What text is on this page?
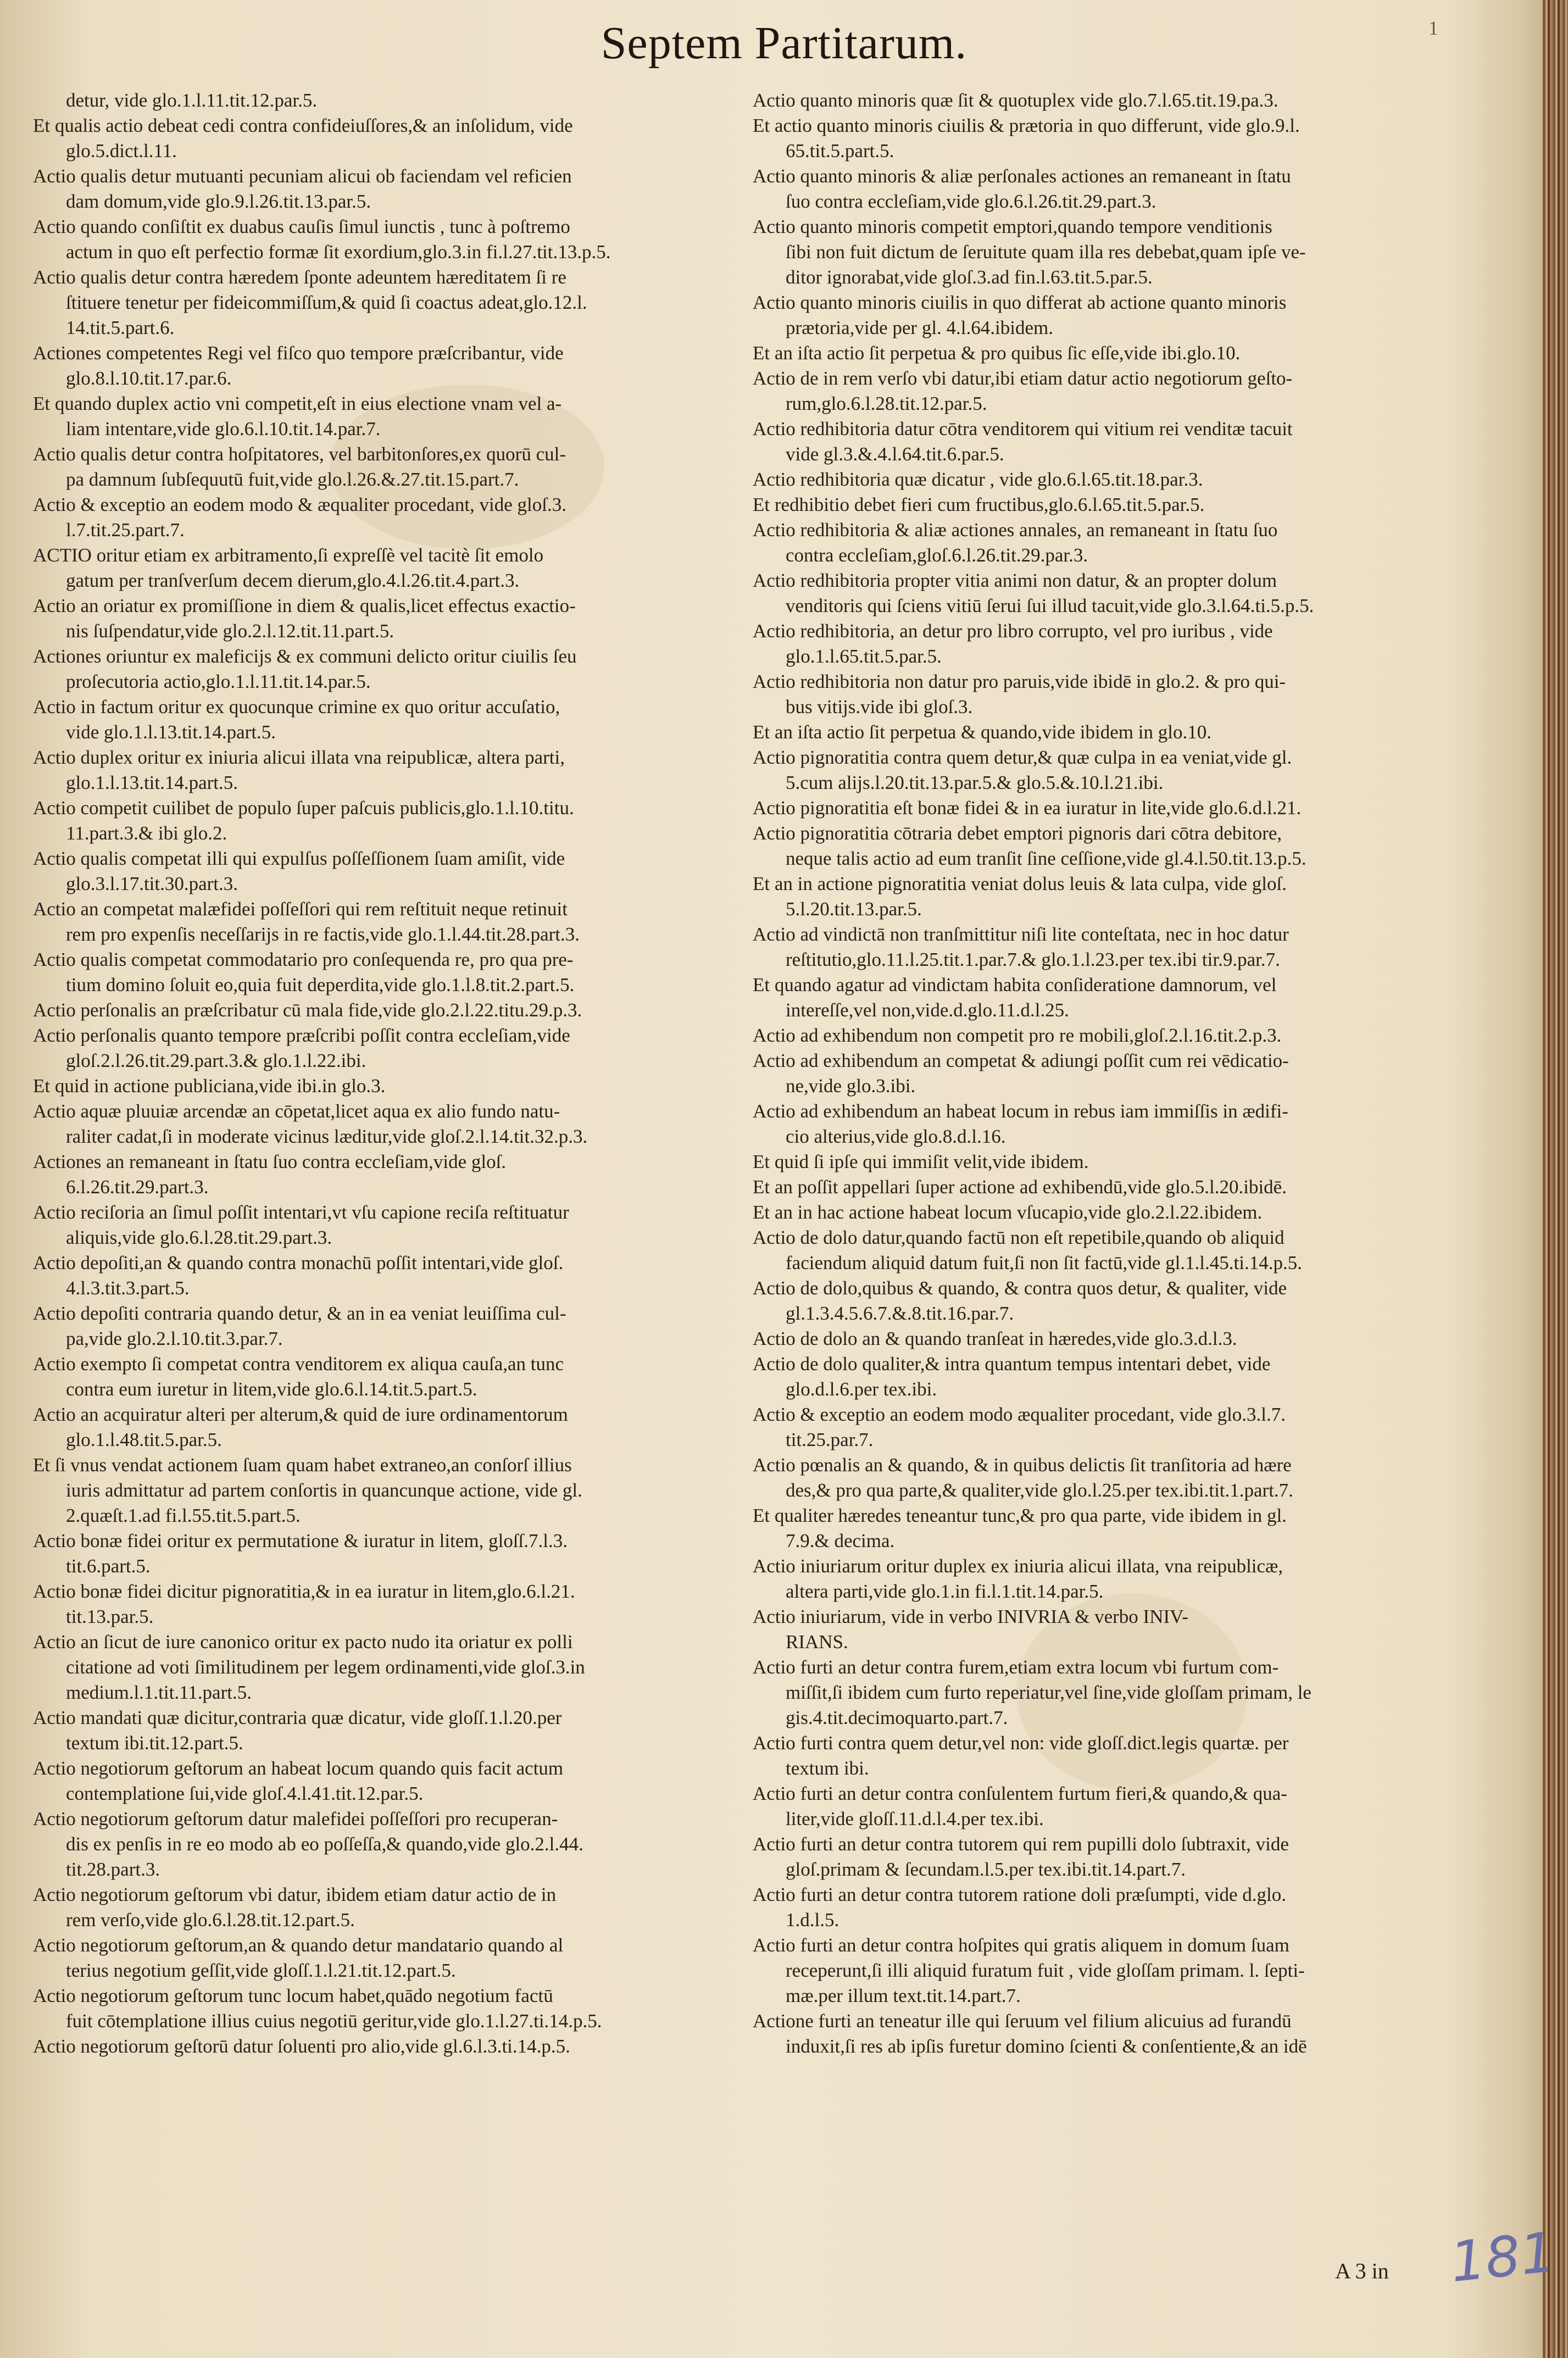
Septem Partitarum.	1
detur, vide glo.1.l.11.tit.12.par.5.
Et qualis actio debeat cedi contra confideiuſſores,& an inſolidum, vide
glo.5.dict.l.11.
Actio qualis detur mutuanti pecuniam alicui ob faciendam vel reficien
dam domum,vide glo.9.l.26.tit.13.par.5.
Actio quando conſiſtit ex duabus cauſis ſimul iunctis , tunc à poſtremo
actum in quo eſt perfectio formæ ſit exordium,glo.3.in fi.l.27.tit.13.p.5.
Actio qualis detur contra hæredem ſponte adeuntem hæreditatem ſi re
ſtituere tenetur per fideicommiſſum,& quid ſi coactus adeat,glo.12.l.
14.tit.5.part.6.
Actiones competentes Regi vel fiſco quo tempore præſcribantur, vide
glo.8.l.10.tit.17.par.6.
Et quando duplex actio vni competit,eſt in eius electione vnam vel a-
liam intentare,vide glo.6.l.10.tit.14.par.7.
Actio qualis detur contra hoſpitatores, vel barbitonſores,ex quorū cul-
pa damnum ſubſequutū fuit,vide glo.l.26.&.27.tit.15.part.7.
Actio & exceptio an eodem modo & æqualiter procedant, vide gloſ.3.
l.7.tit.25.part.7.
ACTIO oritur etiam ex arbitramento,ſi expreſſè vel tacitè ſit emolo
gatum per tranſverſum decem dierum,glo.4.l.26.tit.4.part.3.
Actio an oriatur ex promiſſione in diem & qualis,licet effectus exactio-
nis ſuſpendatur,vide glo.2.l.12.tit.11.part.5.
Actiones oriuntur ex maleficijs & ex communi delicto oritur ciuilis ſeu
proſecutoria actio,glo.1.l.11.tit.14.par.5.
Actio in factum oritur ex quocunque crimine ex quo oritur accuſatio,
vide glo.1.l.13.tit.14.part.5.
Actio duplex oritur ex iniuria alicui illata vna reipublicæ, altera parti,
glo.1.l.13.tit.14.part.5.
Actio competit cuilibet de populo ſuper paſcuis publicis,glo.1.l.10.titu.
11.part.3.& ibi glo.2.
Actio qualis competat illi qui expulſus poſſeſſionem ſuam amiſit, vide
glo.3.l.17.tit.30.part.3.
Actio an competat malæfidei poſſeſſori qui rem reſtituit neque retinuit
rem pro expenſis neceſſarijs in re factis,vide glo.1.l.44.tit.28.part.3.
Actio qualis competat commodatario pro conſequenda re, pro qua pre-
tium domino ſoluit eo,quia fuit deperdita,vide glo.1.l.8.tit.2.part.5.
Actio perſonalis an præſcribatur cū mala fide,vide glo.2.l.22.titu.29.p.3.
Actio perſonalis quanto tempore præſcribi poſſit contra eccleſiam,vide
gloſ.2.l.26.tit.29.part.3.& glo.1.l.22.ibi.
Et quid in actione publiciana,vide ibi.in glo.3.
Actio aquæ pluuiæ arcendæ an cōpetat,licet aqua ex alio fundo natu-
raliter cadat,ſi in moderate vicinus læditur,vide gloſ.2.l.14.tit.32.p.3.
Actiones an remaneant in ſtatu ſuo contra eccleſiam,vide gloſ.
6.l.26.tit.29.part.3.
Actio reciſoria an ſimul poſſit intentari,vt vſu capione reciſa reſtituatur
aliquis,vide glo.6.l.28.tit.29.part.3.
Actio depoſiti,an & quando contra monachū poſſit intentari,vide gloſ.
4.l.3.tit.3.part.5.
Actio depoſiti contraria quando detur, & an in ea veniat leuiſſima cul-
pa,vide glo.2.l.10.tit.3.par.7.
Actio exempto ſi competat contra venditorem ex aliqua cauſa,an tunc
contra eum iuretur in litem,vide glo.6.l.14.tit.5.part.5.
Actio an acquiratur alteri per alterum,& quid de iure ordinamentorum
glo.1.l.48.tit.5.par.5.
Et ſi vnus vendat actionem ſuam quam habet extraneo,an conſorſ illius
iuris admittatur ad partem conſortis in quancunque actione, vide gl.
2.quæſt.1.ad fi.l.55.tit.5.part.5.
Actio bonæ fidei oritur ex permutatione & iuratur in litem, gloſſ.7.l.3.
tit.6.part.5.
Actio bonæ fidei dicitur pignoratitia,& in ea iuratur in litem,glo.6.l.21.
tit.13.par.5.
Actio an ſicut de iure canonico oritur ex pacto nudo ita oriatur ex polli
citatione ad voti ſimilitudinem per legem ordinamenti,vide gloſ.3.in
medium.l.1.tit.11.part.5.
Actio mandati quæ dicitur,contraria quæ dicatur, vide gloſſ.1.l.20.per
textum ibi.tit.12.part.5.
Actio negotiorum geſtorum an habeat locum quando quis facit actum
contemplatione ſui,vide gloſ.4.l.41.tit.12.par.5.
Actio negotiorum geſtorum datur malefidei poſſeſſori pro recuperan-
dis ex penſis in re eo modo ab eo poſſeſſa,& quando,vide glo.2.l.44.
tit.28.part.3.
Actio negotiorum geſtorum vbi datur, ibidem etiam datur actio de in
rem verſo,vide glo.6.l.28.tit.12.part.5.
Actio negotiorum geſtorum,an & quando detur mandatario quando al
terius negotium geſſit,vide gloſſ.1.l.21.tit.12.part.5.
Actio negotiorum geſtorum tunc locum habet,quādo negotium factū
fuit cōtemplatione illius cuius negotiū geritur,vide glo.1.l.27.ti.14.p.5.
Actio negotiorum geſtorū datur ſoluenti pro alio,vide gl.6.l.3.ti.14.p.5.
Actio quanto minoris quæ ſit & quotuplex vide glo.7.l.65.tit.19.pa.3.
Et actio quanto minoris ciuilis & prætoria in quo differunt, vide glo.9.l.
65.tit.5.part.5.
Actio quanto minoris & aliæ perſonales actiones an remaneant in ſtatu
ſuo contra eccleſiam,vide glo.6.l.26.tit.29.part.3.
Actio quanto minoris competit emptori,quando tempore venditionis
ſibi non fuit dictum de ſeruitute quam illa res debebat,quam ipſe ve-
ditor ignorabat,vide gloſ.3.ad fin.l.63.tit.5.par.5.
Actio quanto minoris ciuilis in quo differat ab actione quanto minoris
prætoria,vide per gl. 4.l.64.ibidem.
Et an iſta actio ſit perpetua & pro quibus ſic eſſe,vide ibi.glo.10.
Actio de in rem verſo vbi datur,ibi etiam datur actio negotiorum geſto-
rum,glo.6.l.28.tit.12.par.5.
Actio redhibitoria datur cōtra venditorem qui vitium rei venditæ tacuit
vide gl.3.&.4.l.64.tit.6.par.5.
Actio redhibitoria quæ dicatur , vide glo.6.l.65.tit.18.par.3.
Et redhibitio debet fieri cum fructibus,glo.6.l.65.tit.5.par.5.
Actio redhibitoria & aliæ actiones annales, an remaneant in ſtatu ſuo
contra eccleſiam,gloſ.6.l.26.tit.29.par.3.
Actio redhibitoria propter vitia animi non datur, & an propter dolum
venditoris qui ſciens vitiū ſerui ſui illud tacuit,vide glo.3.l.64.ti.5.p.5.
Actio redhibitoria, an detur pro libro corrupto, vel pro iuribus , vide
glo.1.l.65.tit.5.par.5.
Actio redhibitoria non datur pro paruis,vide ibidē in glo.2. & pro qui-
bus vitijs.vide ibi gloſ.3.
Et an iſta actio ſit perpetua & quando,vide ibidem in glo.10.
Actio pignoratitia contra quem detur,& quæ culpa in ea veniat,vide gl.
5.cum alijs.l.20.tit.13.par.5.& glo.5.&.10.l.21.ibi.
Actio pignoratitia eſt bonæ fidei & in ea iuratur in lite,vide glo.6.d.l.21.
Actio pignoratitia cōtraria debet emptori pignoris dari cōtra debitore,
neque talis actio ad eum tranſit ſine ceſſione,vide gl.4.l.50.tit.13.p.5.
Et an in actione pignoratitia veniat dolus leuis & lata culpa, vide gloſ.
5.l.20.tit.13.par.5.
Actio ad vindictā non tranſmittitur niſi lite conteſtata, nec in hoc datur
reſtitutio,glo.11.l.25.tit.1.par.7.& glo.1.l.23.per tex.ibi tir.9.par.7.
Et quando agatur ad vindictam habita conſideratione damnorum, vel
intereſſe,vel non,vide.d.glo.11.d.l.25.
Actio ad exhibendum non competit pro re mobili,gloſ.2.l.16.tit.2.p.3.
Actio ad exhibendum an competat & adiungi poſſit cum rei vēdicatio-
ne,vide glo.3.ibi.
Actio ad exhibendum an habeat locum in rebus iam immiſſis in ædifi-
cio alterius,vide glo.8.d.l.16.
Et quid ſi ipſe qui immiſit velit,vide ibidem.
Et an poſſit appellari ſuper actione ad exhibendū,vide glo.5.l.20.ibidē.
Et an in hac actione habeat locum vſucapio,vide glo.2.l.22.ibidem.
Actio de dolo datur,quando factū non eſt repetibile,quando ob aliquid
faciendum aliquid datum fuit,ſi non ſit factū,vide gl.1.l.45.ti.14.p.5.
Actio de dolo,quibus & quando, & contra quos detur, & qualiter, vide
gl.1.3.4.5.6.7.&.8.tit.16.par.7.
Actio de dolo an & quando tranſeat in hæredes,vide glo.3.d.l.3.
Actio de dolo qualiter,& intra quantum tempus intentari debet, vide
glo.d.l.6.per tex.ibi.
Actio & exceptio an eodem modo æqualiter procedant, vide glo.3.l.7.
tit.25.par.7.
Actio pœnalis an & quando, & in quibus delictis ſit tranſitoria ad hære
des,& pro qua parte,& qualiter,vide glo.l.25.per tex.ibi.tit.1.part.7.
Et qualiter hæredes teneantur tunc,& pro qua parte, vide ibidem in gl.
7.9.& decima.
Actio iniuriarum oritur duplex ex iniuria alicui illata, vna reipublicæ,
altera parti,vide glo.1.in fi.l.1.tit.14.par.5.
Actio iniuriarum, vide in verbo INIVRIA & verbo INIV-
RIANS.
Actio furti an detur contra furem,etiam extra locum vbi furtum com-
miſſit,ſi ibidem cum furto reperiatur,vel ſine,vide gloſſam primam, le
gis.4.tit.decimoquarto.part.7.
Actio furti contra quem detur,vel non: vide gloſſ.dict.legis quartæ. per
textum ibi.
Actio furti an detur contra conſulentem furtum fieri,& quando,& qua-
liter,vide gloſſ.11.d.l.4.per tex.ibi.
Actio furti an detur contra tutorem qui rem pupilli dolo ſubtraxit, vide
gloſ.primam & ſecundam.l.5.per tex.ibi.tit.14.part.7.
Actio furti an detur contra tutorem ratione doli præſumpti, vide d.glo.
1.d.l.5.
Actio furti an detur contra hoſpites qui gratis aliquem in domum ſuam
receperunt,ſi illi aliquid furatum fuit , vide gloſſam primam. l. ſepti-
mæ.per illum text.tit.14.part.7.
Actione furti an teneatur ille qui ſeruum vel filium alicuius ad furandū
induxit,ſi res ab ipſis furetur domino ſcienti & conſentiente,& an idē
A 3 in 181
